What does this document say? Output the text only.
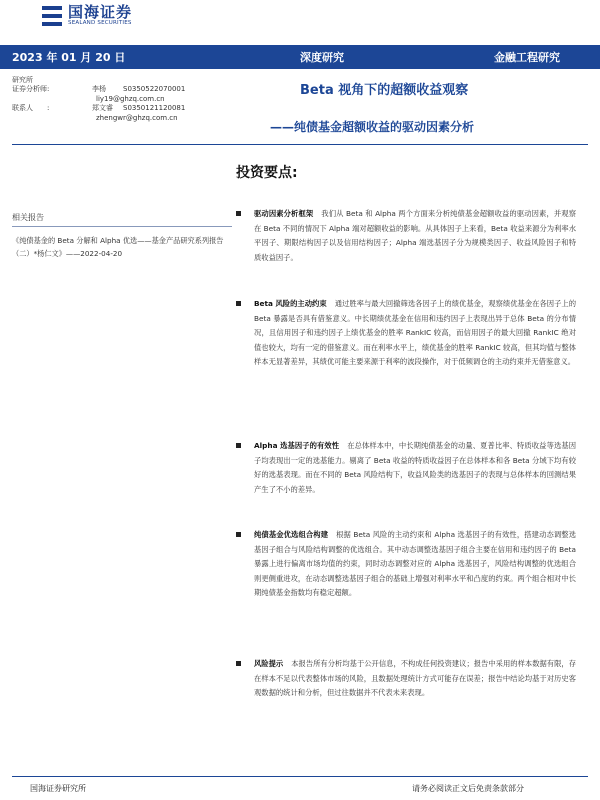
国海证券
SEALAND SECURITIES
2023 年 01 月 20 日	深度研究	金融工程研究
研究所
证券分析师:	李杨 S0350522070001
liy19@ghzq.com.cn
联系人　　:	郑文睿 S0350121120081
zhengwr@ghzq.com.cn
Beta 视角下的超额收益观察
——纯债基金超额收益的驱动因素分析
相关报告
《纯债基金的 Beta 分解和 Alpha 优选——基金产品研究系列报告（二）*杨仁文》——2022-04-20
投资要点:
驱动因素分析框架 我们从 Beta 和 Alpha 两个方面来分析纯债基金超额收益的驱动因素，并观察在 Beta 不同的情况下 Alpha 端对超额收益的影响。从具体因子上来看，Beta 收益来源分为利率水平因子、期限结构因子以及信用结构因子；Alpha 端选基因子分为规模类因子、收益风险因子和特质收益因子。
Beta 风险的主动约束 通过胜率与最大回撤筛选各因子上的绩优基金，观察绩优基金在各因子上的 Beta 暴露是否具有借鉴意义。中长期绩优基金在信用和违约因子上表现出异于总体 Beta 的分布情况，且信用因子和违约因子上绩优基金的胜率 RankIC 较高，而信用因子的最大回撤 RankIC 绝对值也较大，均有一定的借鉴意义。而在利率水平上，绩优基金的胜率 RankIC 较高，但其均值与整体样本无显著差异，其绩优可能主要来源于利率的波段操作，对于低频调仓的主动约束并无借鉴意义。
Alpha 选基因子的有效性 在总体样本中，中长期纯债基金的动量、夏普比率、特质收益等选基因子均表现出一定的选基能力。剔离了 Beta 收益的特质收益因子在总体样本和各 Beta 分域下均有较好的选基表现。而在不同的 Beta 风险结构下，收益风险类的选基因子的表现与总体样本的回测结果产生了不小的差异。
纯债基金优选组合构建 根据 Beta 风险的主动约束和 Alpha 选基因子的有效性，搭建动态调整选基因子组合与风险结构调整的优选组合。其中动态调整选基因子组合主要在信用和违约因子的 Beta 暴露上进行偏离市场均值的约束，同时动态调整对应的 Alpha 选基因子，风险结构调整的优选组合则更侧重进攻，在动态调整选基因子组合的基础上增强对利率水平和凸度的约束。两个组合相对中长期纯债基金指数均有稳定超额。
风险提示 本报告所有分析均基于公开信息，不构成任何投资建议；报告中采用的样本数据有限，存在样本不足以代表整体市场的风险，且数据处理统计方式可能存在误差；报告中结论均基于对历史客观数据的统计和分析，但过往数据并不代表未来表现。
国海证券研究所	请务必阅读正文后免责条款部分
